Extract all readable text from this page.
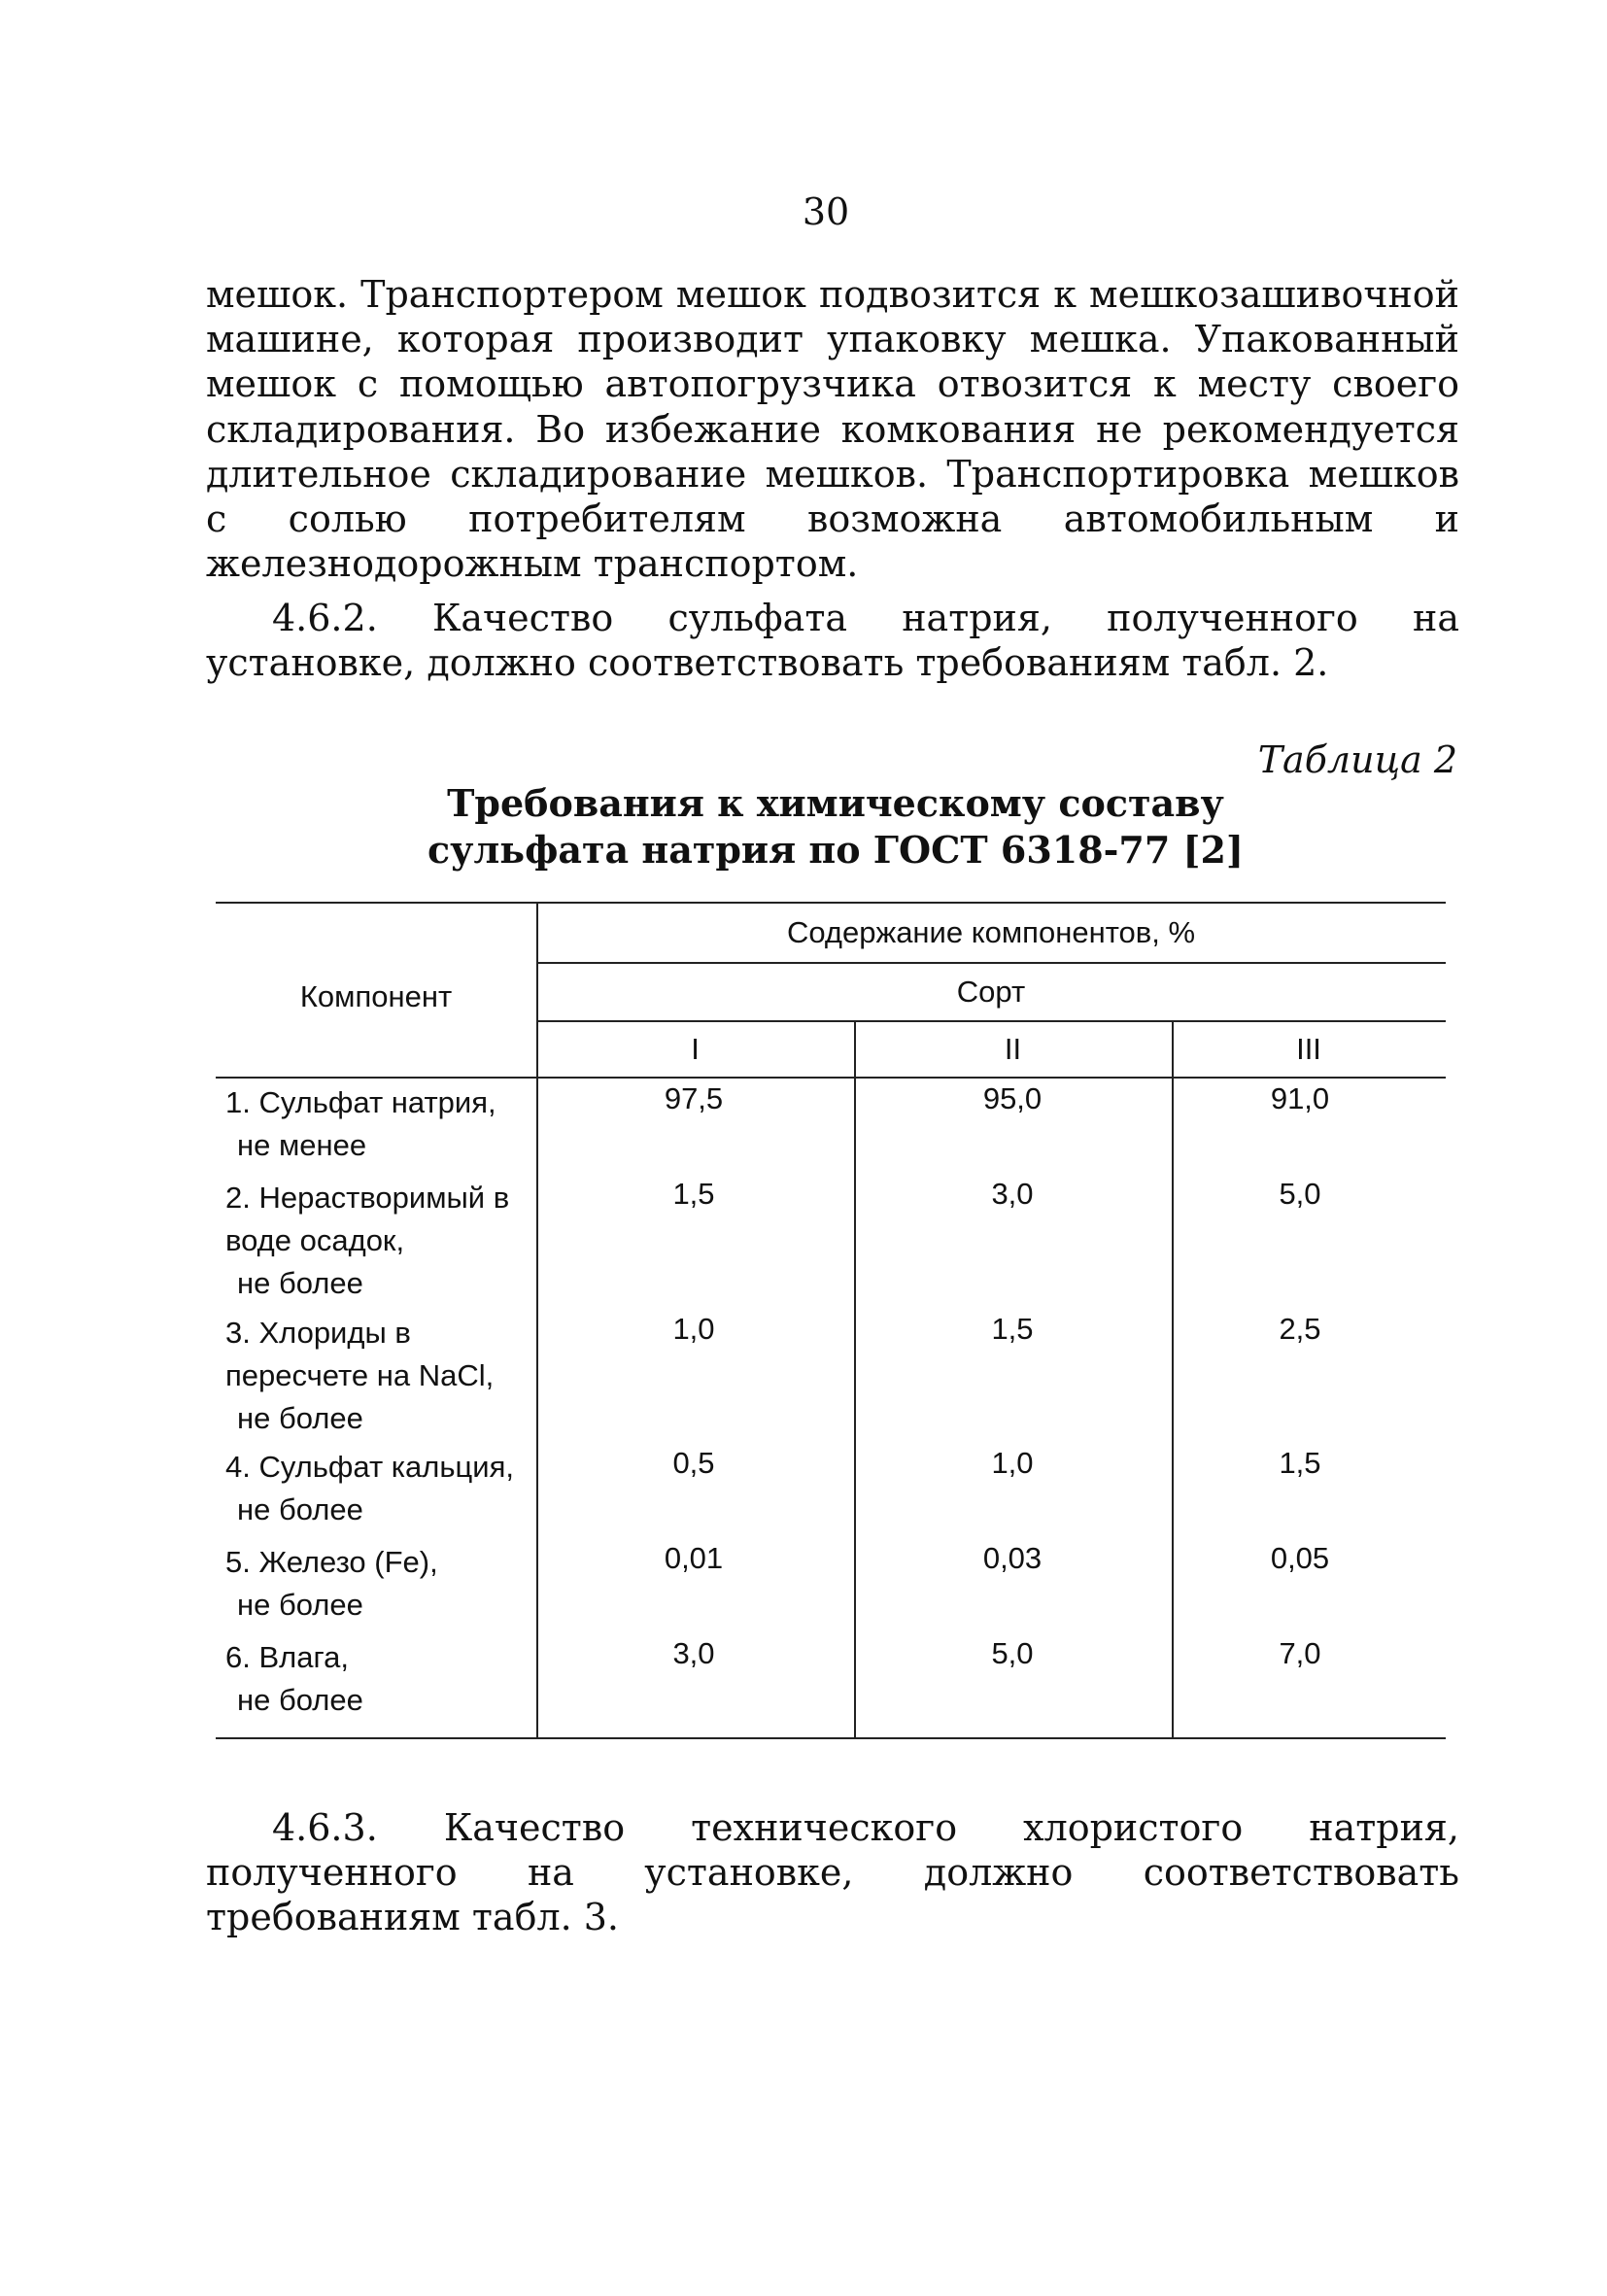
30

мешок. Транспортером мешок подвозится к мешкозашивочной машине, которая производит упаковку мешка. Упакованный мешок с помощью автопогрузчика отвозится к месту своего складирования. Во избежание комкования не рекомендуется длительное складирование мешков. Транспортировка мешков с солью потребителям возможна автомобильным и железнодорожным транспортом.

4.6.2. Качество сульфата натрия, полученного на установке, должно соответствовать требованиям табл. 2.

Таблица 2
Требования к химическому составу
сульфата натрия по ГОСТ 6318-77 [2]
Компонент
Содержание компонентов, %
Сорт
I	II	III
1. Сульфат натрия,
не менее
97,5	95,0	91,0
2. Нерастворимый в
воде осадок,
не более
1,5	3,0	5,0
3. Хлориды в
пересчете на NaCl,
не более
1,0	1,5	2,5
4. Сульфат кальция,
не более
0,5	1,0	1,5
5. Железо (Fe),
не более
0,01	0,03	0,05
6. Влага,
не более
3,0	5,0	7,0

4.6.3. Качество технического хлористого натрия, полученного на установке, должно соответствовать требованиям табл. 3.
